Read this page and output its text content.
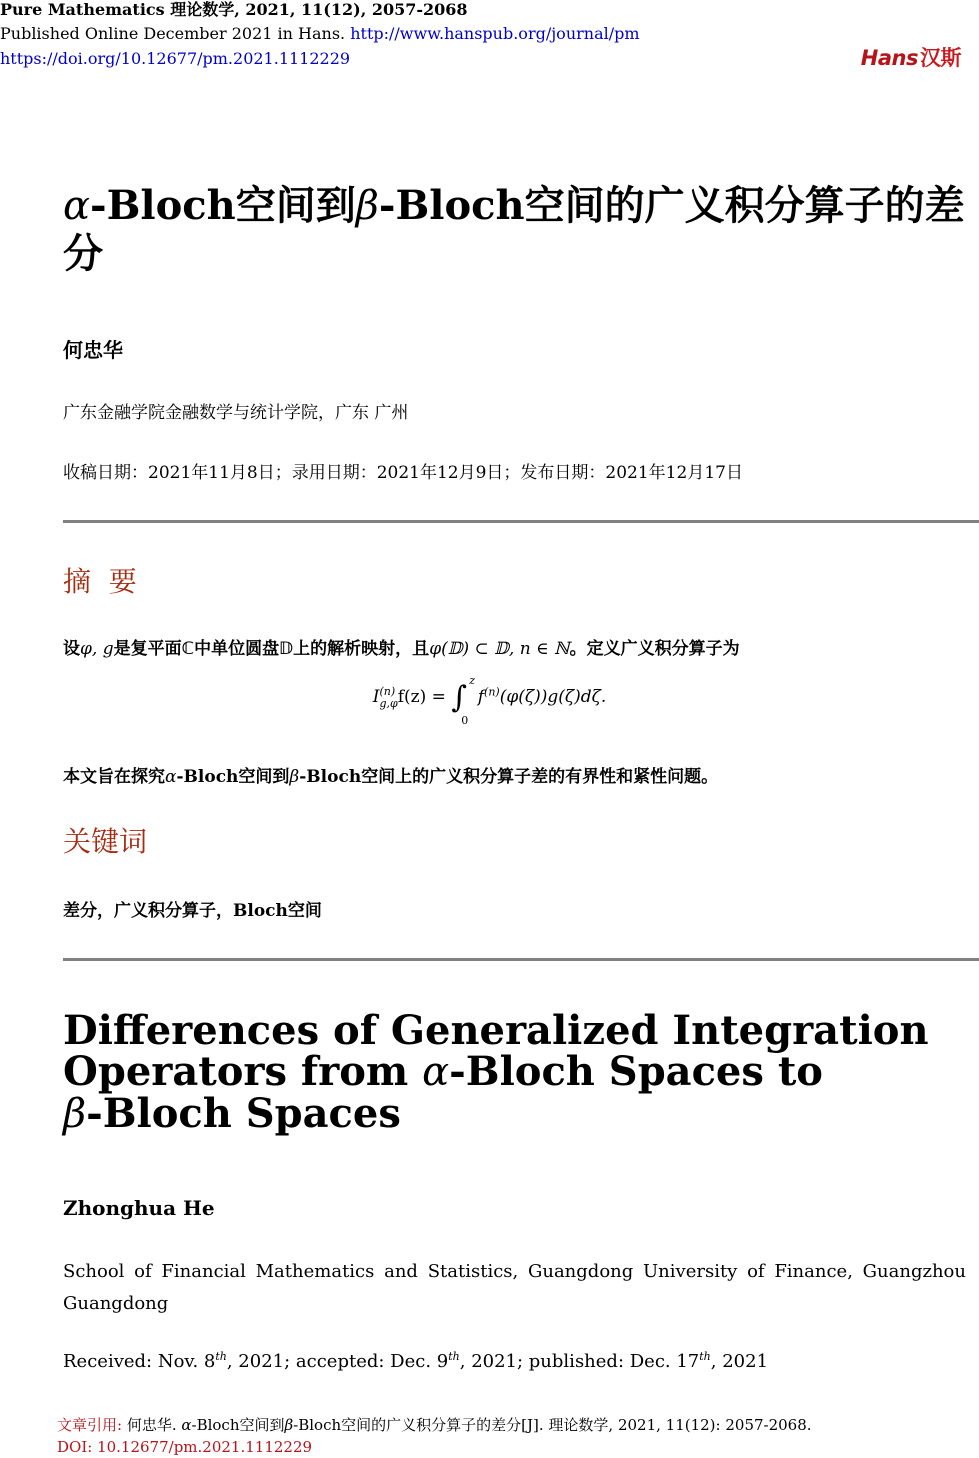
Pure Mathematics 理论数学, 2021, 11(12), 2057-2068
Published Online December 2021 in Hans. http://www.hanspub.org/journal/pm
https://doi.org/10.12677/pm.2021.1112229	Hans汉斯
α-Bloch空间到β-Bloch空间的广义积分算子的差分
何忠华
广东金融学院金融数学与统计学院，广东 广州
收稿日期：2021年11月8日；录用日期：2021年12月9日；发布日期：2021年12月17日
摘  要
设φ, g是复平面ℂ中单位圆盘𝔻上的解析映射，且φ(𝔻) ⊂ 𝔻, n ∈ ℕ。定义广义积分算子为
I (n)
g,φ f(z) = ∫ z
0
$f^{(n)}(\varphi(\zeta))g(\zeta)d\zeta$.
本文旨在探究α-Bloch空间到β-Bloch空间上的广义积分算子差的有界性和紧性问题。
关键词
差分，广义积分算子，Bloch空间
Differences of Generalized Integration
Operators from α-Bloch Spaces to
β-Bloch Spaces
Zhonghua He
School of Financial Mathematics and Statistics, Guangdong University of Finance, Guangzhou Guangdong
Received: Nov. 8th, 2021; accepted: Dec. 9th, 2021; published: Dec. 17th, 2021
文章引用: 何忠华. α-Bloch空间到β-Bloch空间的广义积分算子的差分[J]. 理论数学, 2021, 11(12): 2057-2068.
DOI: 10.12677/pm.2021.1112229
